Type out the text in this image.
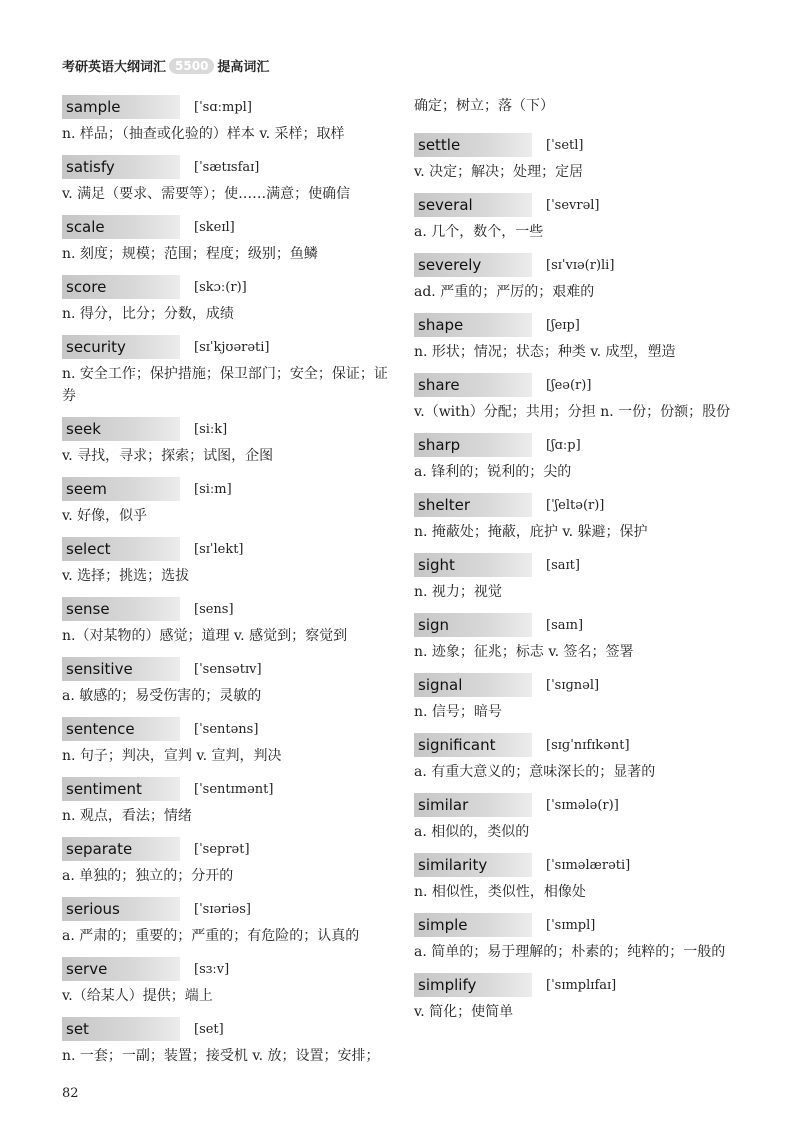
考研英语大纲词汇 5500 提高词汇
sample	[ˈsɑːmpl]
n. 样品；（抽查或化验的）样本 v. 采样；取样
satisfy	[ˈsætɪsfaɪ]
v. 满足（要求、需要等）；使……满意；使确信
scale	[skeɪl]
n. 刻度；规模；范围；程度；级别；鱼鳞
score	[skɔː(r)]
n. 得分，比分；分数，成绩
security	[sɪˈkjʊərəti]
n. 安全工作；保护措施；保卫部门；安全；保证；证券
seek	[siːk]
v. 寻找，寻求；探索；试图，企图
seem	[siːm]
v. 好像，似乎
select	[sɪˈlekt]
v. 选择；挑选；选拔
sense	[sens]
n.（对某物的）感觉；道理 v. 感觉到；察觉到
sensitive	[ˈsensətɪv]
a. 敏感的；易受伤害的；灵敏的
sentence	[ˈsentəns]
n. 句子；判决，宣判 v. 宣判，判决
sentiment	[ˈsentɪmənt]
n. 观点，看法；情绪
separate	[ˈseprət]
a. 单独的；独立的；分开的
serious	[ˈsɪəriəs]
a. 严肃的；重要的；严重的；有危险的；认真的
serve	[sɜːv]
v.（给某人）提供；端上
set	[set]
n. 一套；一副；装置；接受机 v. 放；设置；安排；
确定；树立；落（下）
settle	[ˈsetl]
v. 决定；解决；处理；定居
several	[ˈsevrəl]
a. 几个，数个，一些
severely	[sɪˈvɪə(r)li]
ad. 严重的；严厉的；艰难的
shape	[ʃeɪp]
n. 形状；情况；状态；种类 v. 成型，塑造
share	[ʃeə(r)]
v.（with）分配；共用；分担 n. 一份；份额；股份
sharp	[ʃɑːp]
a. 锋利的；锐利的；尖的
shelter	[ˈʃeltə(r)]
n. 掩蔽处；掩蔽，庇护 v. 躲避；保护
sight	[saɪt]
n. 视力；视觉
sign	[saɪn]
n. 迹象；征兆；标志 v. 签名；签署
signal	[ˈsɪɡnəl]
n. 信号；暗号
significant	[sɪɡˈnɪfɪkənt]
a. 有重大意义的；意味深长的；显著的
similar	[ˈsɪmələ(r)]
a. 相似的，类似的
similarity	[ˈsɪməlærəti]
n. 相似性，类似性，相像处
simple	[ˈsɪmpl]
a. 简单的；易于理解的；朴素的；纯粹的；一般的
simplify	[ˈsɪmplɪfaɪ]
v. 简化；使简单
82
